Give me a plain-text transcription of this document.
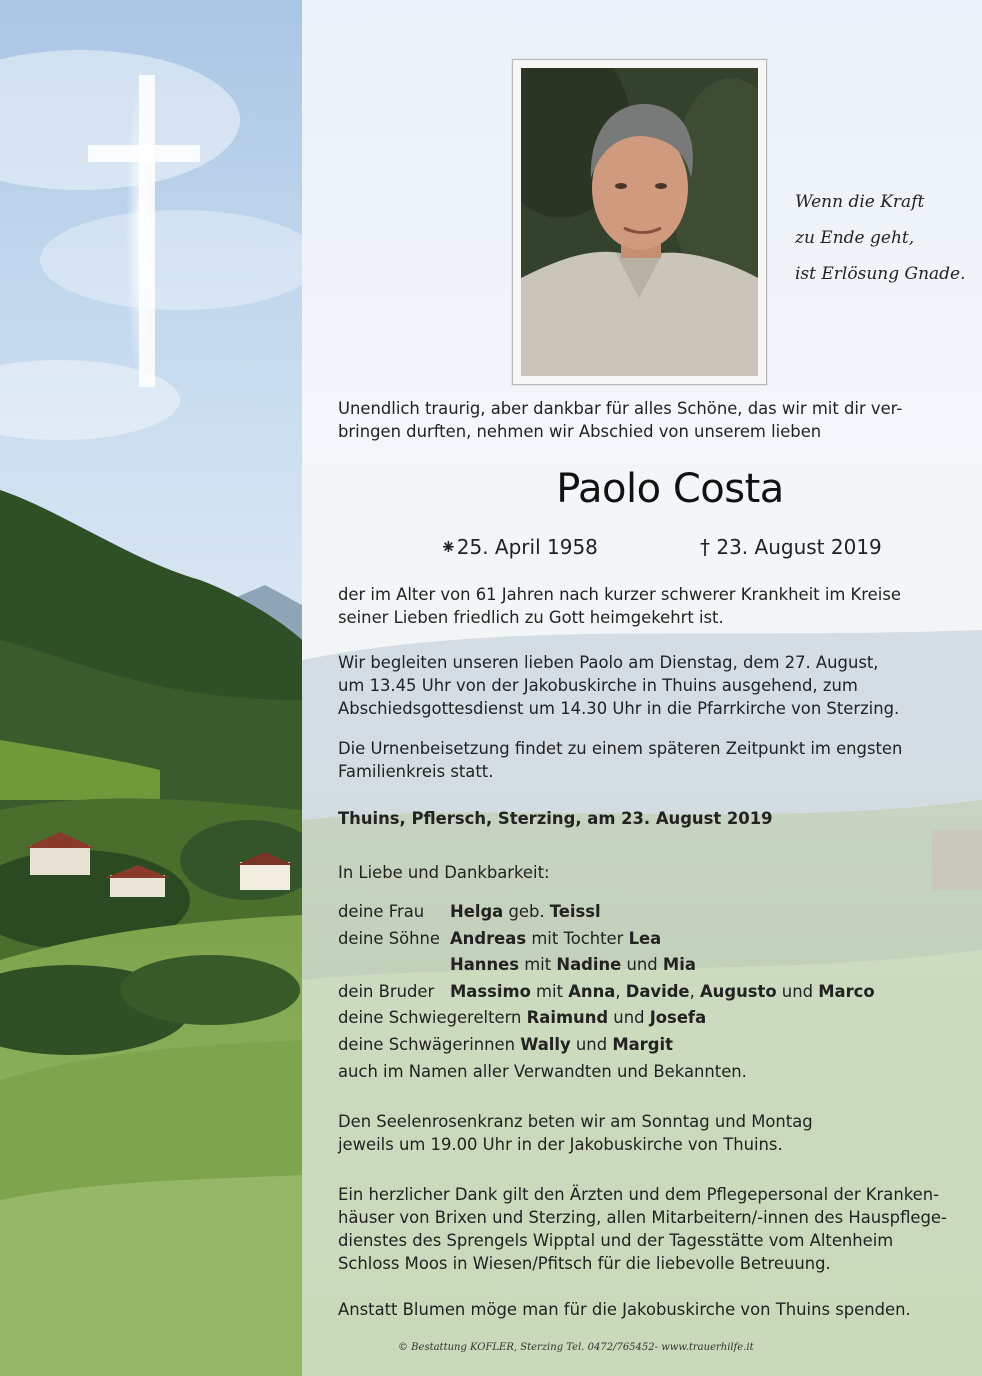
Wenn die Kraft
zu Ende geht,
ist Erlösung Gnade.
Unendlich traurig, aber dankbar für alles Schöne, das wir mit dir ver-
bringen durften, nehmen wir Abschied von unserem lieben
Paolo Costa
⁕25. April 1958	† 23. August 2019
der im Alter von 61 Jahren nach kurzer schwerer Krankheit im Kreise
seiner Lieben friedlich zu Gott heimgekehrt ist.
Wir begleiten unseren lieben Paolo am Dienstag, dem 27. August,
um 13.45 Uhr von der Jakobuskirche in Thuins ausgehend, zum
Abschiedsgottesdienst um 14.30 Uhr in die Pfarrkirche von Sterzing.
Die Urnenbeisetzung findet zu einem späteren Zeitpunkt im engsten
Familienkreis statt.
Thuins, Pflersch, Sterzing, am 23. August 2019
In Liebe und Dankbarkeit:
deine Frau Helga geb. Teissl
deine Söhne Andreas mit Tochter Lea
Hannes mit Nadine und Mia
dein Bruder Massimo mit Anna, Davide, Augusto und Marco
deine Schwiegereltern Raimund und Josefa
deine Schwägerinnen Wally und Margit
auch im Namen aller Verwandten und Bekannten.
Den Seelenrosenkranz beten wir am Sonntag und Montag
jeweils um 19.00 Uhr in der Jakobuskirche von Thuins.
Ein herzlicher Dank gilt den Ärzten und dem Pflegepersonal der Kranken-
häuser von Brixen und Sterzing, allen Mitarbeitern/-innen des Hauspflege-
dienstes des Sprengels Wipptal und der Tagesstätte vom Altenheim
Schloss Moos in Wiesen/Pfitsch für die liebevolle Betreuung.
Anstatt Blumen möge man für die Jakobuskirche von Thuins spenden.
© Bestattung KOFLER, Sterzing Tel. 0472/765452- www.trauerhilfe.it
